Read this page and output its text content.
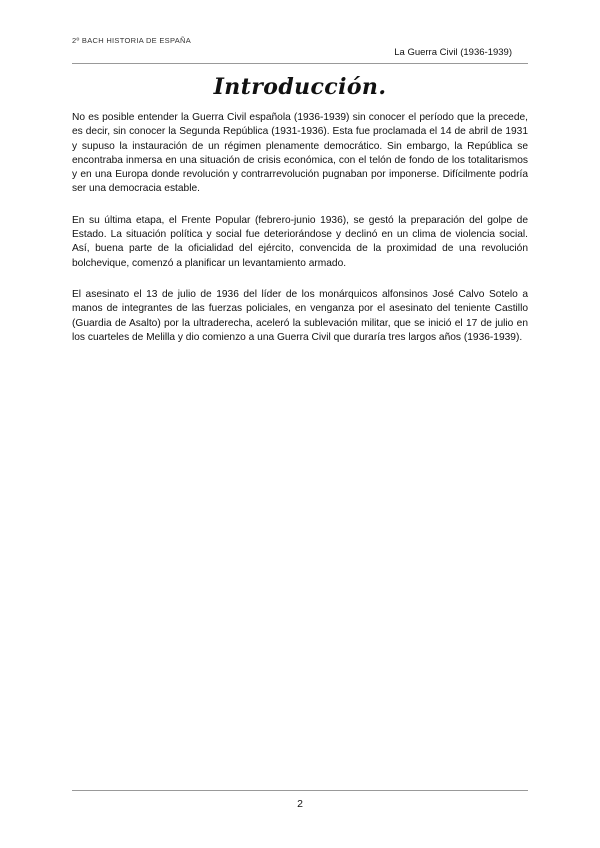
2º BACH HISTORIA DE ESPAÑA
La Guerra Civil (1936-1939)
Introducción.

No es posible entender la Guerra Civil española (1936-1939) sin conocer el período que la precede, es decir, sin conocer la Segunda República (1931-1936). Esta fue proclamada el 14 de abril de 1931 y supuso la instauración de un régimen plenamente democrático. Sin embargo, la República se encontraba inmersa en una situación de crisis económica, con el telón de fondo de los totalitarismos y en una Europa donde revolución y contrarrevolución pugnaban por imponerse. Difícilmente podría ser una democracia estable.

En su última etapa, el Frente Popular (febrero-junio 1936), se gestó la preparación del golpe de Estado. La situación política y social fue deteriorándose y declinó en un clima de violencia social. Así, buena parte de la oficialidad del ejército, convencida de la proximidad de una revolución bolchevique, comenzó a planificar un levantamiento armado.

El asesinato el 13 de julio de 1936 del líder de los monárquicos alfonsinos José Calvo Sotelo a manos de integrantes de las fuerzas policiales, en venganza por el asesinato del teniente Castillo (Guardia de Asalto) por la ultraderecha, aceleró la sublevación militar, que se inició el 17 de julio en los cuarteles de Melilla y dio comienzo a una Guerra Civil que duraría tres largos años (1936-1939).

2
